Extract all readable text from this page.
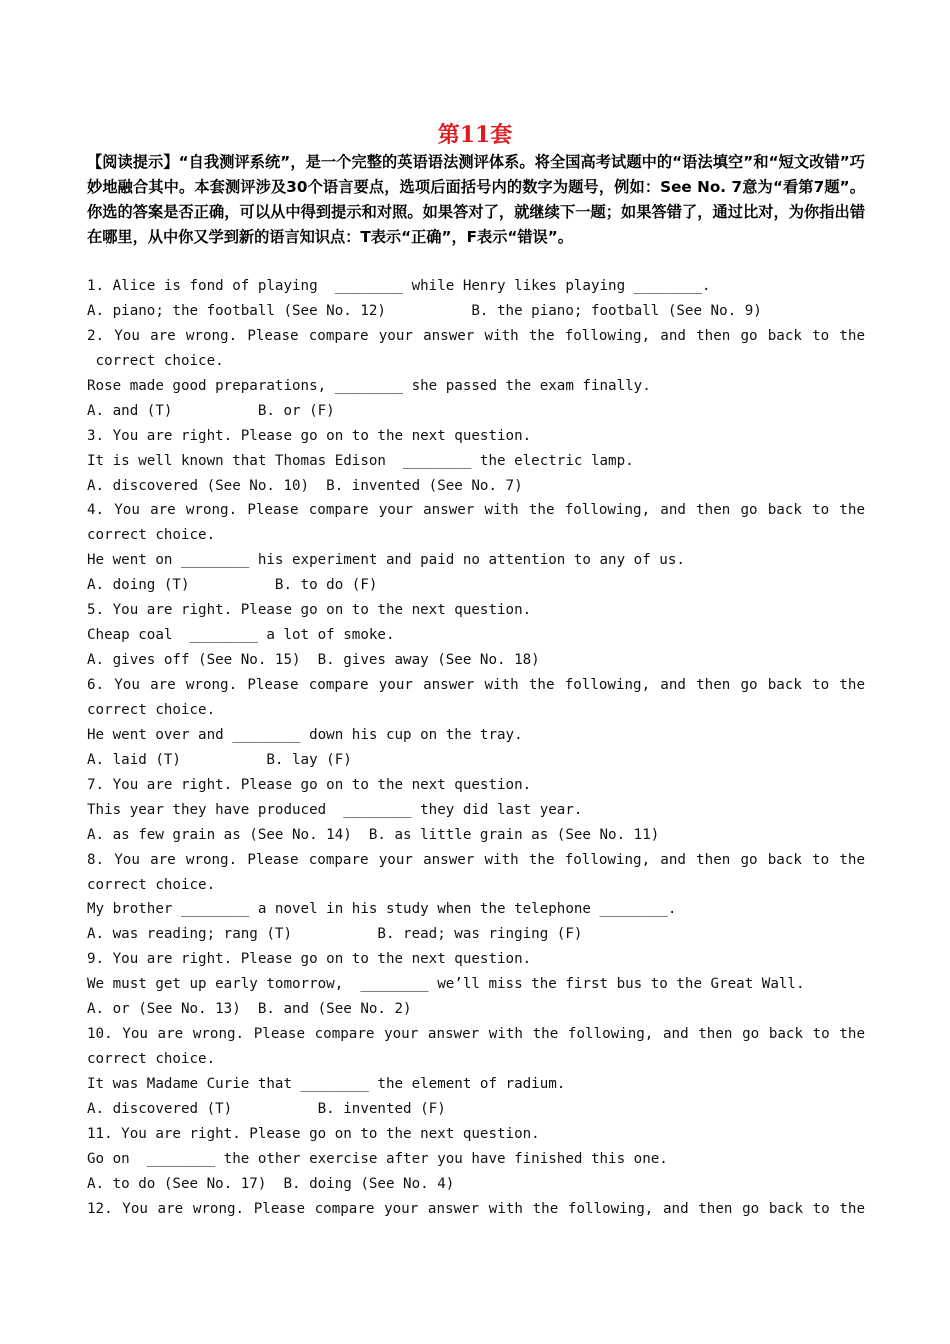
第11套
【阅读提示】“自我测评系统”，是一个完整的英语语法测评体系。将全国高考试题中的“语法填空”和“短文改错”巧妙地融合其中。本套测评涉及30个语言要点，选项后面括号内的数字为题号，例如：See No. 7意为“看第7题”。你选的答案是否正确，可以从中得到提示和对照。如果答对了，就继续下一题；如果答错了，通过比对，为你指出错在哪里，从中你又学到新的语言知识点：T表示“正确”，F表示“错误”。
1. Alice is fond of playing  ________ while Henry likes playing ________.
A. piano; the football (See No. 12)          B. the piano; football (See No. 9)
2. You are wrong. Please compare your answer with the following, and then go back to the
correct choice.
Rose made good preparations, ________ she passed the exam finally.
A. and (T)          B. or (F)
3. You are right. Please go on to the next question.
It is well known that Thomas Edison  ________ the electric lamp.
A. discovered (See No. 10)  B. invented (See No. 7)
4. You are wrong. Please compare your answer with the following, and then go back to the
correct choice.
He went on ________ his experiment and paid no attention to any of us.
A. doing (T)          B. to do (F)
5. You are right. Please go on to the next question.
Cheap coal  ________ a lot of smoke.
A. gives off (See No. 15)  B. gives away (See No. 18)
6. You are wrong. Please compare your answer with the following, and then go back to the
correct choice.
He went over and ________ down his cup on the tray.
A. laid (T)          B. lay (F)
7. You are right. Please go on to the next question.
This year they have produced  ________ they did last year.
A. as few grain as (See No. 14)  B. as little grain as (See No. 11)
8. You are wrong. Please compare your answer with the following, and then go back to the
correct choice.
My brother ________ a novel in his study when the telephone ________.
A. was reading; rang (T)          B. read; was ringing (F)
9. You are right. Please go on to the next question.
We must get up early tomorrow,  ________ we’ll miss the first bus to the Great Wall.
A. or (See No. 13)  B. and (See No. 2)
10. You are wrong. Please compare your answer with the following, and then go back to the
correct choice.
It was Madame Curie that ________ the element of radium.
A. discovered (T)          B. invented (F)
11. You are right. Please go on to the next question.
Go on  ________ the other exercise after you have finished this one.
A. to do (See No. 17)  B. doing (See No. 4)
12. You are wrong. Please compare your answer with the following, and then go back to the
